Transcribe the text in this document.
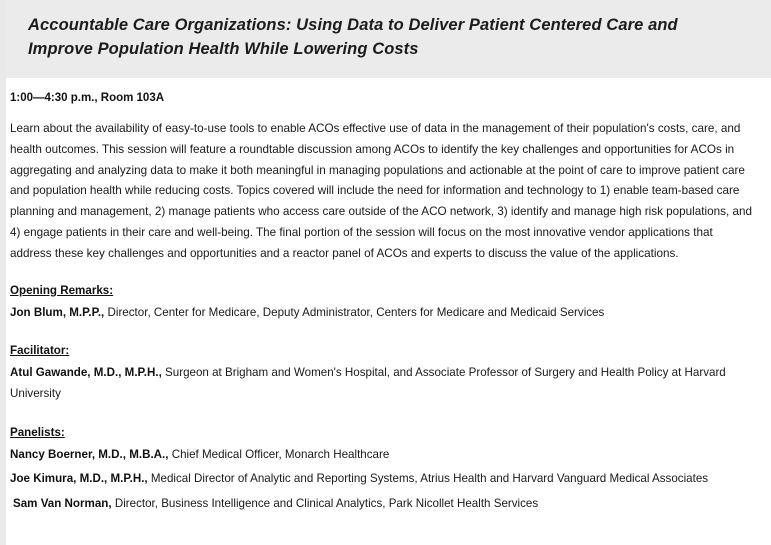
Accountable Care Organizations: Using Data to Deliver Patient Centered Care and Improve Population Health While Lowering Costs

1:00—4:30 p.m., Room 103A

Learn about the availability of easy-to-use tools to enable ACOs effective use of data in the management of their population's costs, care, and health outcomes. This session will feature a roundtable discussion among ACOs to identify the key challenges and opportunities for ACOs in aggregating and analyzing data to make it both meaningful in managing populations and actionable at the point of care to improve patient care and population health while reducing costs. Topics covered will include the need for information and technology to 1) enable team-based care planning and management, 2) manage patients who access care outside of the ACO network, 3) identify and manage high risk populations, and 4) engage patients in their care and well-being. The final portion of the session will focus on the most innovative vendor applications that address these key challenges and opportunities and a reactor panel of ACOs and experts to discuss the value of the applications.

Opening Remarks:

Jon Blum, M.P.P., Director, Center for Medicare, Deputy Administrator, Centers for Medicare and Medicaid Services

Facilitator:

Atul Gawande, M.D., M.P.H., Surgeon at Brigham and Women's Hospital, and Associate Professor of Surgery and Health Policy at Harvard University

Panelists:

Nancy Boerner, M.D., M.B.A., Chief Medical Officer, Monarch Healthcare

Joe Kimura, M.D., M.P.H., Medical Director of Analytic and Reporting Systems, Atrius Health and Harvard Vanguard Medical Associates

Sam Van Norman, Director, Business Intelligence and Clinical Analytics, Park Nicollet Health Services
